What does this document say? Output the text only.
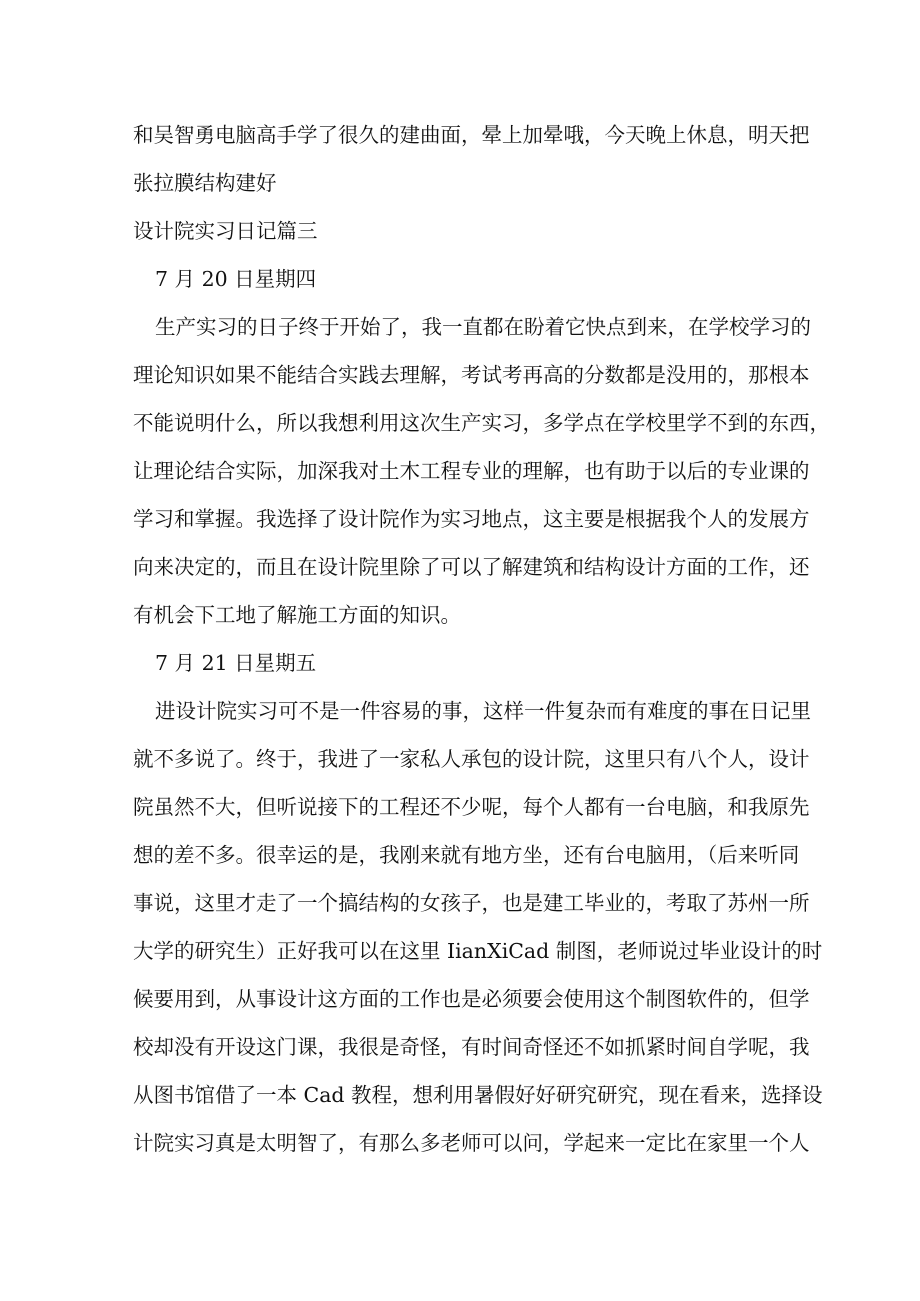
和吴智勇电脑高手学了很久的建曲面，晕上加晕哦，今天晚上休息，明天把
张拉膜结构建好
设计院实习日记篇三
7 月 20 日星期四
生产实习的日子终于开始了，我一直都在盼着它快点到来，在学校学习的
理论知识如果不能结合实践去理解，考试考再高的分数都是没用的，那根本
不能说明什么，所以我想利用这次生产实习，多学点在学校里学不到的东西，
让理论结合实际，加深我对土木工程专业的理解，也有助于以后的专业课的
学习和掌握。我选择了设计院作为实习地点，这主要是根据我个人的发展方
向来决定的，而且在设计院里除了可以了解建筑和结构设计方面的工作，还
有机会下工地了解施工方面的知识。
7 月 21 日星期五
进设计院实习可不是一件容易的事，这样一件复杂而有难度的事在日记里
就不多说了。终于，我进了一家私人承包的设计院，这里只有八个人，设计
院虽然不大，但听说接下的工程还不少呢，每个人都有一台电脑，和我原先
想的差不多。很幸运的是，我刚来就有地方坐，还有台电脑用，（后来听同
事说，这里才走了一个搞结构的女孩子，也是建工毕业的，考取了苏州一所
大学的研究生）正好我可以在这里 IianXiCad 制图，老师说过毕业设计的时
候要用到，从事设计这方面的工作也是必须要会使用这个制图软件的，但学
校却没有开设这门课，我很是奇怪，有时间奇怪还不如抓紧时间自学呢，我
从图书馆借了一本 Cad 教程，想利用暑假好好研究研究，现在看来，选择设
计院实习真是太明智了，有那么多老师可以问，学起来一定比在家里一个人
